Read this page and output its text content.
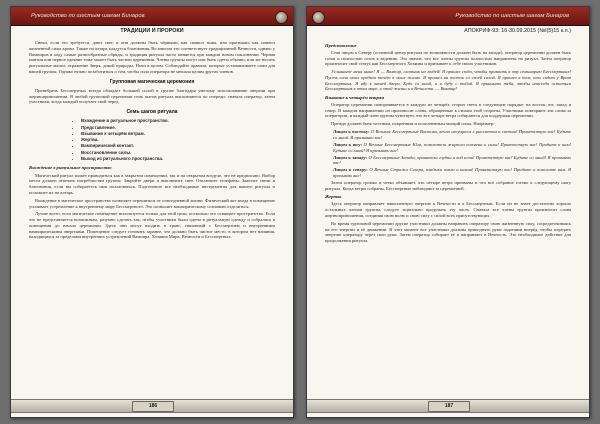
Руководство по шестым шагам Бинаров
ТРАДИЦИИ И ПРОРОКИ

Свечи, если это требуется, дают свет, и они должны быть чёрными, как символ тьмы, или красными, как символ жизненной силы крови. Также на алтарь кладутся благовония. Во многом это соответствует традиционной Вечности, однако у Вампиров в ходу самые разнообразные обряды, и традиция ритуала часто меняется при каждом новом поклонении. Черная мантия или черное одеяние тоже может быть частью церемонии. Члены группы могут или быть одеты обычно, или же носить ритуальные маски: отражение Зверя, дикой природы, Ночи в целом. Соблюдайте правила, которые устанавливаете сами для вашей группы. Однако нужно позаботиться о том, чтобы сила оператора не мешала целям других членов.

Групповая магическая церемония

Пренебречь Бессмертных всегда обладает большей силой в группе благодаря умелому использованию энергии при жертвоприношении. В любой групповой церемонии семь шагов ритуала выполняются по очереди: сначала оператор, затем участники, когда каждый получает свой черед.

Семь шагов ритуала
• Вхождение в ритуальное пространство.
• Представление.
• Взывание к четырём ветрам.
• Жертва.
• Вампирический контакт.
• Восстановление силы.
• Выход из ритуального пространства.
Вхождение в ритуальное пространство

Магический ритуал может проводиться как в закрытом помещении, так и на открытом воздухе, это не предписано. Выбор места должен отвечать потребностям группы. Закройте двери и выключите свет. Отключите телефоны. Зажгите свечи и благовония, если вы собираетесь ими пользоваться. Подготовьте все необходимые инструменты для вашего ритуала и положите их на алтарь.

Вхождение в магическое пространство позволяет отрешиться от повседневной жизни. Физический акт входа в помещение усиливает устремление к внутреннему миру Бессмертного. Это позволяет вампирическому сознанию отделиться.

Лучше всего, если магическое помещение используется только для этой цели, посколько это освящает пространство. Если это не представляется возможным, разумно сделать так, чтобы участники были одеты в ритуальную одежду и собрались в помещении до начала церемонии. Здесь они могут входить в транс, связанный с Бессмертием и внутренними вампирическими энергиями. Помещение следует готовить заранее, это должно быть чистое место, в котором нет влияния, находящихся за пределами внутренних устремлений Вампира, Хозяина Мира, Вечности и Бессмертных.

186
Руководство по шестым шагам Бинаров
АПОКРИФ-93: 16-30.09.2015 (№I(5)15 к.л.)
Представление

Став лицом к Северу (основной центр ритуала по возможности должен быть на западе), оператор церемонии должен быть готов и полностью готов к ведению. Это значит, что все члены группы полностью направлены на ритуал. Затем оператор произносит свой статус как Бессмертного Хозяина и призывает к себе своих участников.

Услышьте меня ныне! Я — Вампир, охотник на людей! Я пришел сюда, чтобы призвать в эту семинарию Бессмертных! Пусть сила моих предков течёт в моих жилах. Я пришел на восток со своей силой. Я пришел к тем, кто сидит у Врат Бессмертных. Я иду к вашей двери. Будь со мной, и я буду с тобой. Я принимаю тебя, чтобы навсегда остаться Бессмертным в этом мире, в этой жизни и в Вечности. — Вампир!

Взывание к четырём ветрам

Оператор церемонии поворачивается в каждую из четырёх сторон света в следующем порядке: на восток, юг, запад и север. В каждом направлении он произносит слова, обращённые к стихии этой стороны. Участники повторяют эти слова за оператором, и каждый член группы чувствует, что все четыре ветра собираются для поддержки церемонии.

Прежде должен быть честным, искренним и исполненным эмоций силы. Например:

Лицом к востоку: О Великие Бессмертные Востока, вечно несущиеся с рассветом и светом! Приветствую вас! Будьте со мной. Я призываю вас!

Лицом к югу: О Вечные Бессмертные Юга, повелители жаркого пламени и силы! Приветствую вас! Придите к нам! Будьте со мной! Я призываю вас!

Лицом к западу: О Бессмертные Запада, хранители глубин и вод ночи! Приветствую вас! Будьте со мной! Я призываю вас!

Лицом к северу: О Вечные Стражи Севера, владыки земли и камня! Приветствую вас! Придите и помогите нам. Я призываю вас!

Затем оператор громко и четко объявляет, что четыре ветра призваны и что всё собрание готово к следующему шагу ритуала. Когда ветры собраны, Бессмертные наблюдают за церемонией.

Жертва

Здесь оператор направляет накопленную энергию к Вечности и к Бессмертным. Если он не знает достаточно хорошо остальных членов группы, следует тщательно продумать эту часть. Сначала все члены группы произносят слова жертвоприношения, соединяя свою волю и свою силу с силой всех присутствующих.

Во время групповой церемонии другие участники должны направить оператору свою жизненную силу, сосредоточиваясь на его энергии и её движении. В этот момент все участники должны приподнять руки ладонями вперёд, чтобы передать энергию оператору через свои руки. Затем оператор собирает её и направляет в Вечность. Это необходимое действие для продолжения ритуала.

187
